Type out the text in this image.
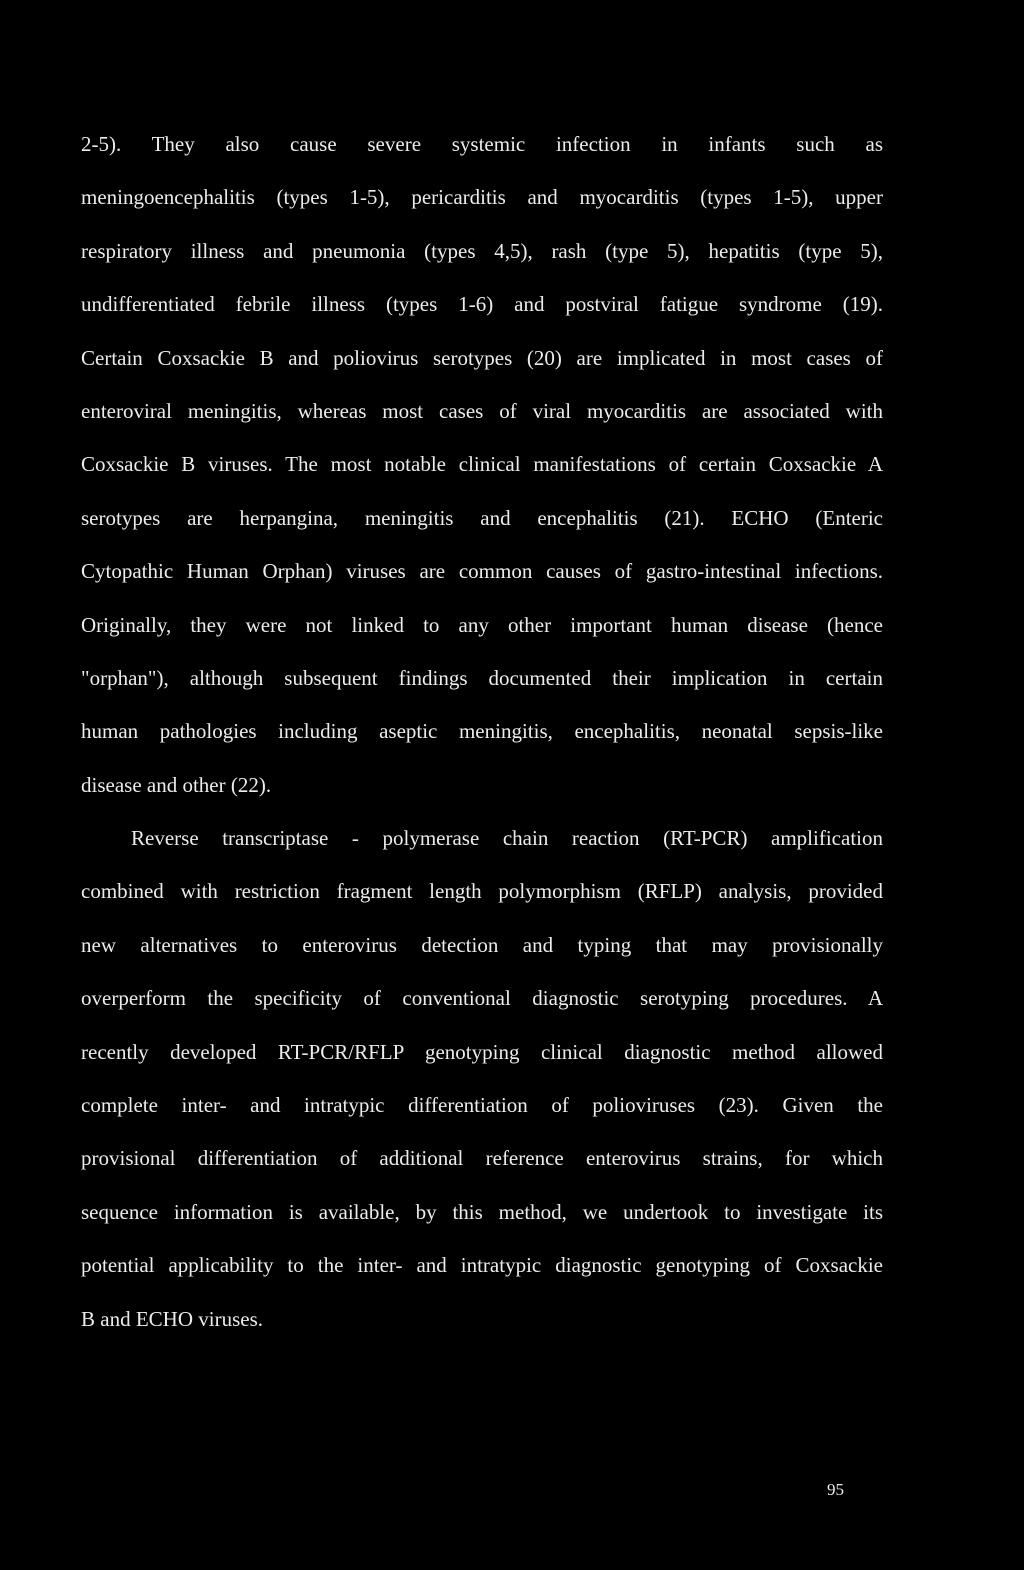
2-5). They also cause severe systemic infection in infants such as
meningoencephalitis (types 1-5), pericarditis and myocarditis (types 1-5), upper
respiratory illness and pneumonia (types 4,5), rash (type 5), hepatitis (type 5),
undifferentiated febrile illness (types 1-6) and postviral fatigue syndrome (19).
Certain Coxsackie B and poliovirus serotypes (20) are implicated in most cases of
enteroviral meningitis, whereas most cases of viral myocarditis are associated with
Coxsackie B viruses. The most notable clinical manifestations of certain Coxsackie A
serotypes are herpangina, meningitis and encephalitis (21). ECHO (Enteric
Cytopathic Human Orphan) viruses are common causes of gastro-intestinal infections.
Originally, they were not linked to any other important human disease (hence
"orphan"), although subsequent findings documented their implication in certain
human pathologies including aseptic meningitis, encephalitis, neonatal sepsis-like
disease and other (22).
Reverse transcriptase - polymerase chain reaction (RT-PCR) amplification
combined with restriction fragment length polymorphism (RFLP) analysis, provided
new alternatives to enterovirus detection and typing that may provisionally
overperform the specificity of conventional diagnostic serotyping procedures. A
recently developed RT-PCR/RFLP genotyping clinical diagnostic method allowed
complete inter- and intratypic differentiation of polioviruses (23). Given the
provisional differentiation of additional reference enterovirus strains, for which
sequence information is available, by this method, we undertook to investigate its
potential applicability to the inter- and intratypic diagnostic genotyping of Coxsackie
B and ECHO viruses.
95
